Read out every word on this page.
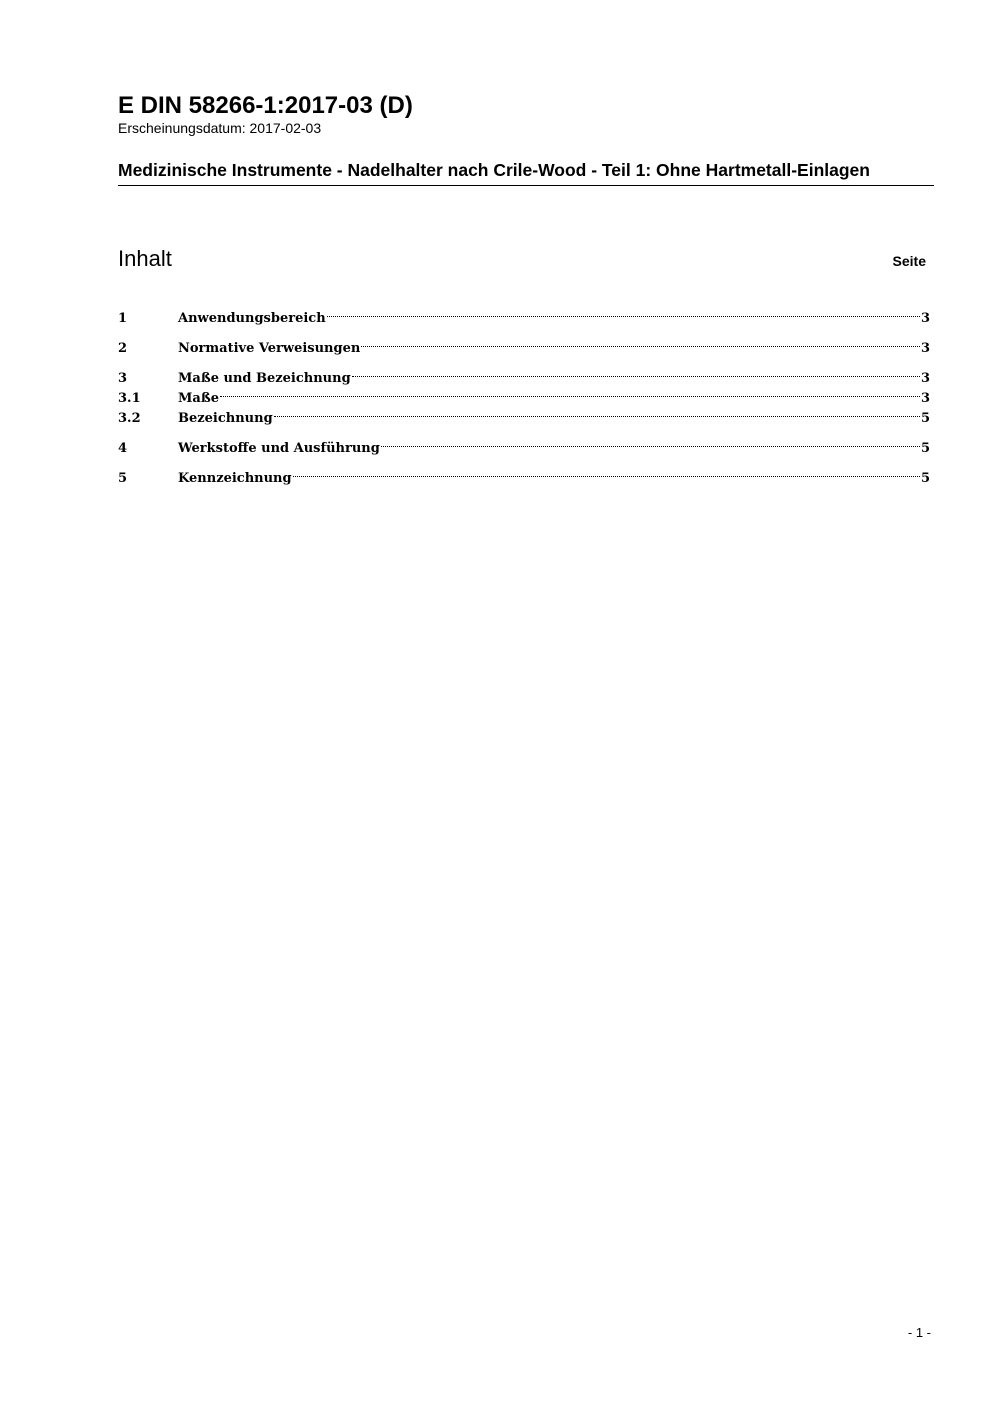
E DIN 58266-1:2017-03 (D)

Erscheinungsdatum: 2017-02-03

Medizinische Instrumente - Nadelhalter nach Crile-Wood - Teil 1: Ohne Hartmetall-Einlagen

Inhalt	Seite
1	Anwendungsbereich	3
2	Normative Verweisungen	3
3	Maße und Bezeichnung	3
3.1	Maße	3
3.2	Bezeichnung	5
4	Werkstoffe und Ausführung	5
5	Kennzeichnung	5
- 1 -
